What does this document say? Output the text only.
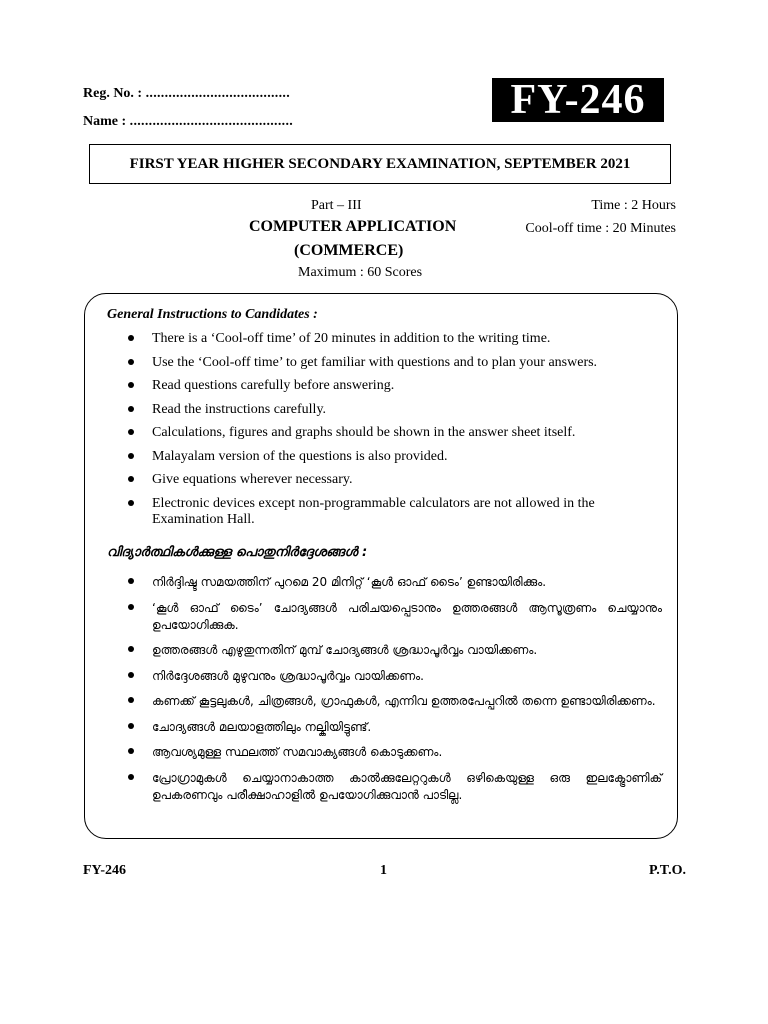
Reg. No. : ......................................
Name : ...........................................	FY-246
FIRST YEAR HIGHER SECONDARY EXAMINATION, SEPTEMBER 2021
Part – III	Time : 2 Hours
COMPUTER APPLICATION	Cool-off time : 20 Minutes
(COMMERCE)
Maximum : 60 Scores
General Instructions to Candidates :
There is a ‘Cool-off time’ of 20 minutes in addition to the writing time.
Use the ‘Cool-off time’ to get familiar with questions and to plan your answers.
Read questions carefully before answering.
Read the instructions carefully.
Calculations, figures and graphs should be shown in the answer sheet itself.
Malayalam version of the questions is also provided.
Give equations wherever necessary.
Electronic devices except non-programmable calculators are not allowed in the Examination Hall.
വിദ്യാർത്ഥികൾക്കുള്ള പൊതുനിർദ്ദേശങ്ങൾ :
നിർദ്ദിഷ്ട സമയത്തിന് പുറമെ 20 മിനിറ്റ് ‘കൂൾ ഓഫ് ടൈം’ ഉണ്ടായിരിക്കും.
‘കൂൾ ഓഫ് ടൈം’ ചോദ്യങ്ങൾ പരിചയപ്പെടാനും ഉത്തരങ്ങൾ ആസൂത്രണം ചെയ്യാനും ഉപയോഗിക്കുക.
ഉത്തരങ്ങൾ എഴുതുന്നതിന് മുമ്പ് ചോദ്യങ്ങൾ ശ്രദ്ധാപൂർവ്വം വായിക്കണം.
നിർദ്ദേശങ്ങൾ മുഴുവനും ശ്രദ്ധാപൂർവ്വം വായിക്കണം.
കണക്ക് കൂട്ടലുകൾ, ചിത്രങ്ങൾ, ഗ്രാഫുകൾ, എന്നിവ ഉത്തരപേപ്പറിൽ തന്നെ ഉണ്ടായിരിക്കണം.
ചോദ്യങ്ങൾ മലയാളത്തിലും നല്കിയിട്ടുണ്ട്.
ആവശ്യമുള്ള സ്ഥലത്ത് സമവാക്യങ്ങൾ കൊടുക്കണം.
പ്രോഗ്രാമുകൾ ചെയ്യാനാകാത്ത കാൽക്കുലേറ്ററുകൾ ഒഴികെയുള്ള ഒരു ഇലക്ട്രോണിക് ഉപകരണവും പരീക്ഷാഹാളിൽ ഉപയോഗിക്കുവാൻ പാടില്ല.
FY-246	1	P.T.O.
